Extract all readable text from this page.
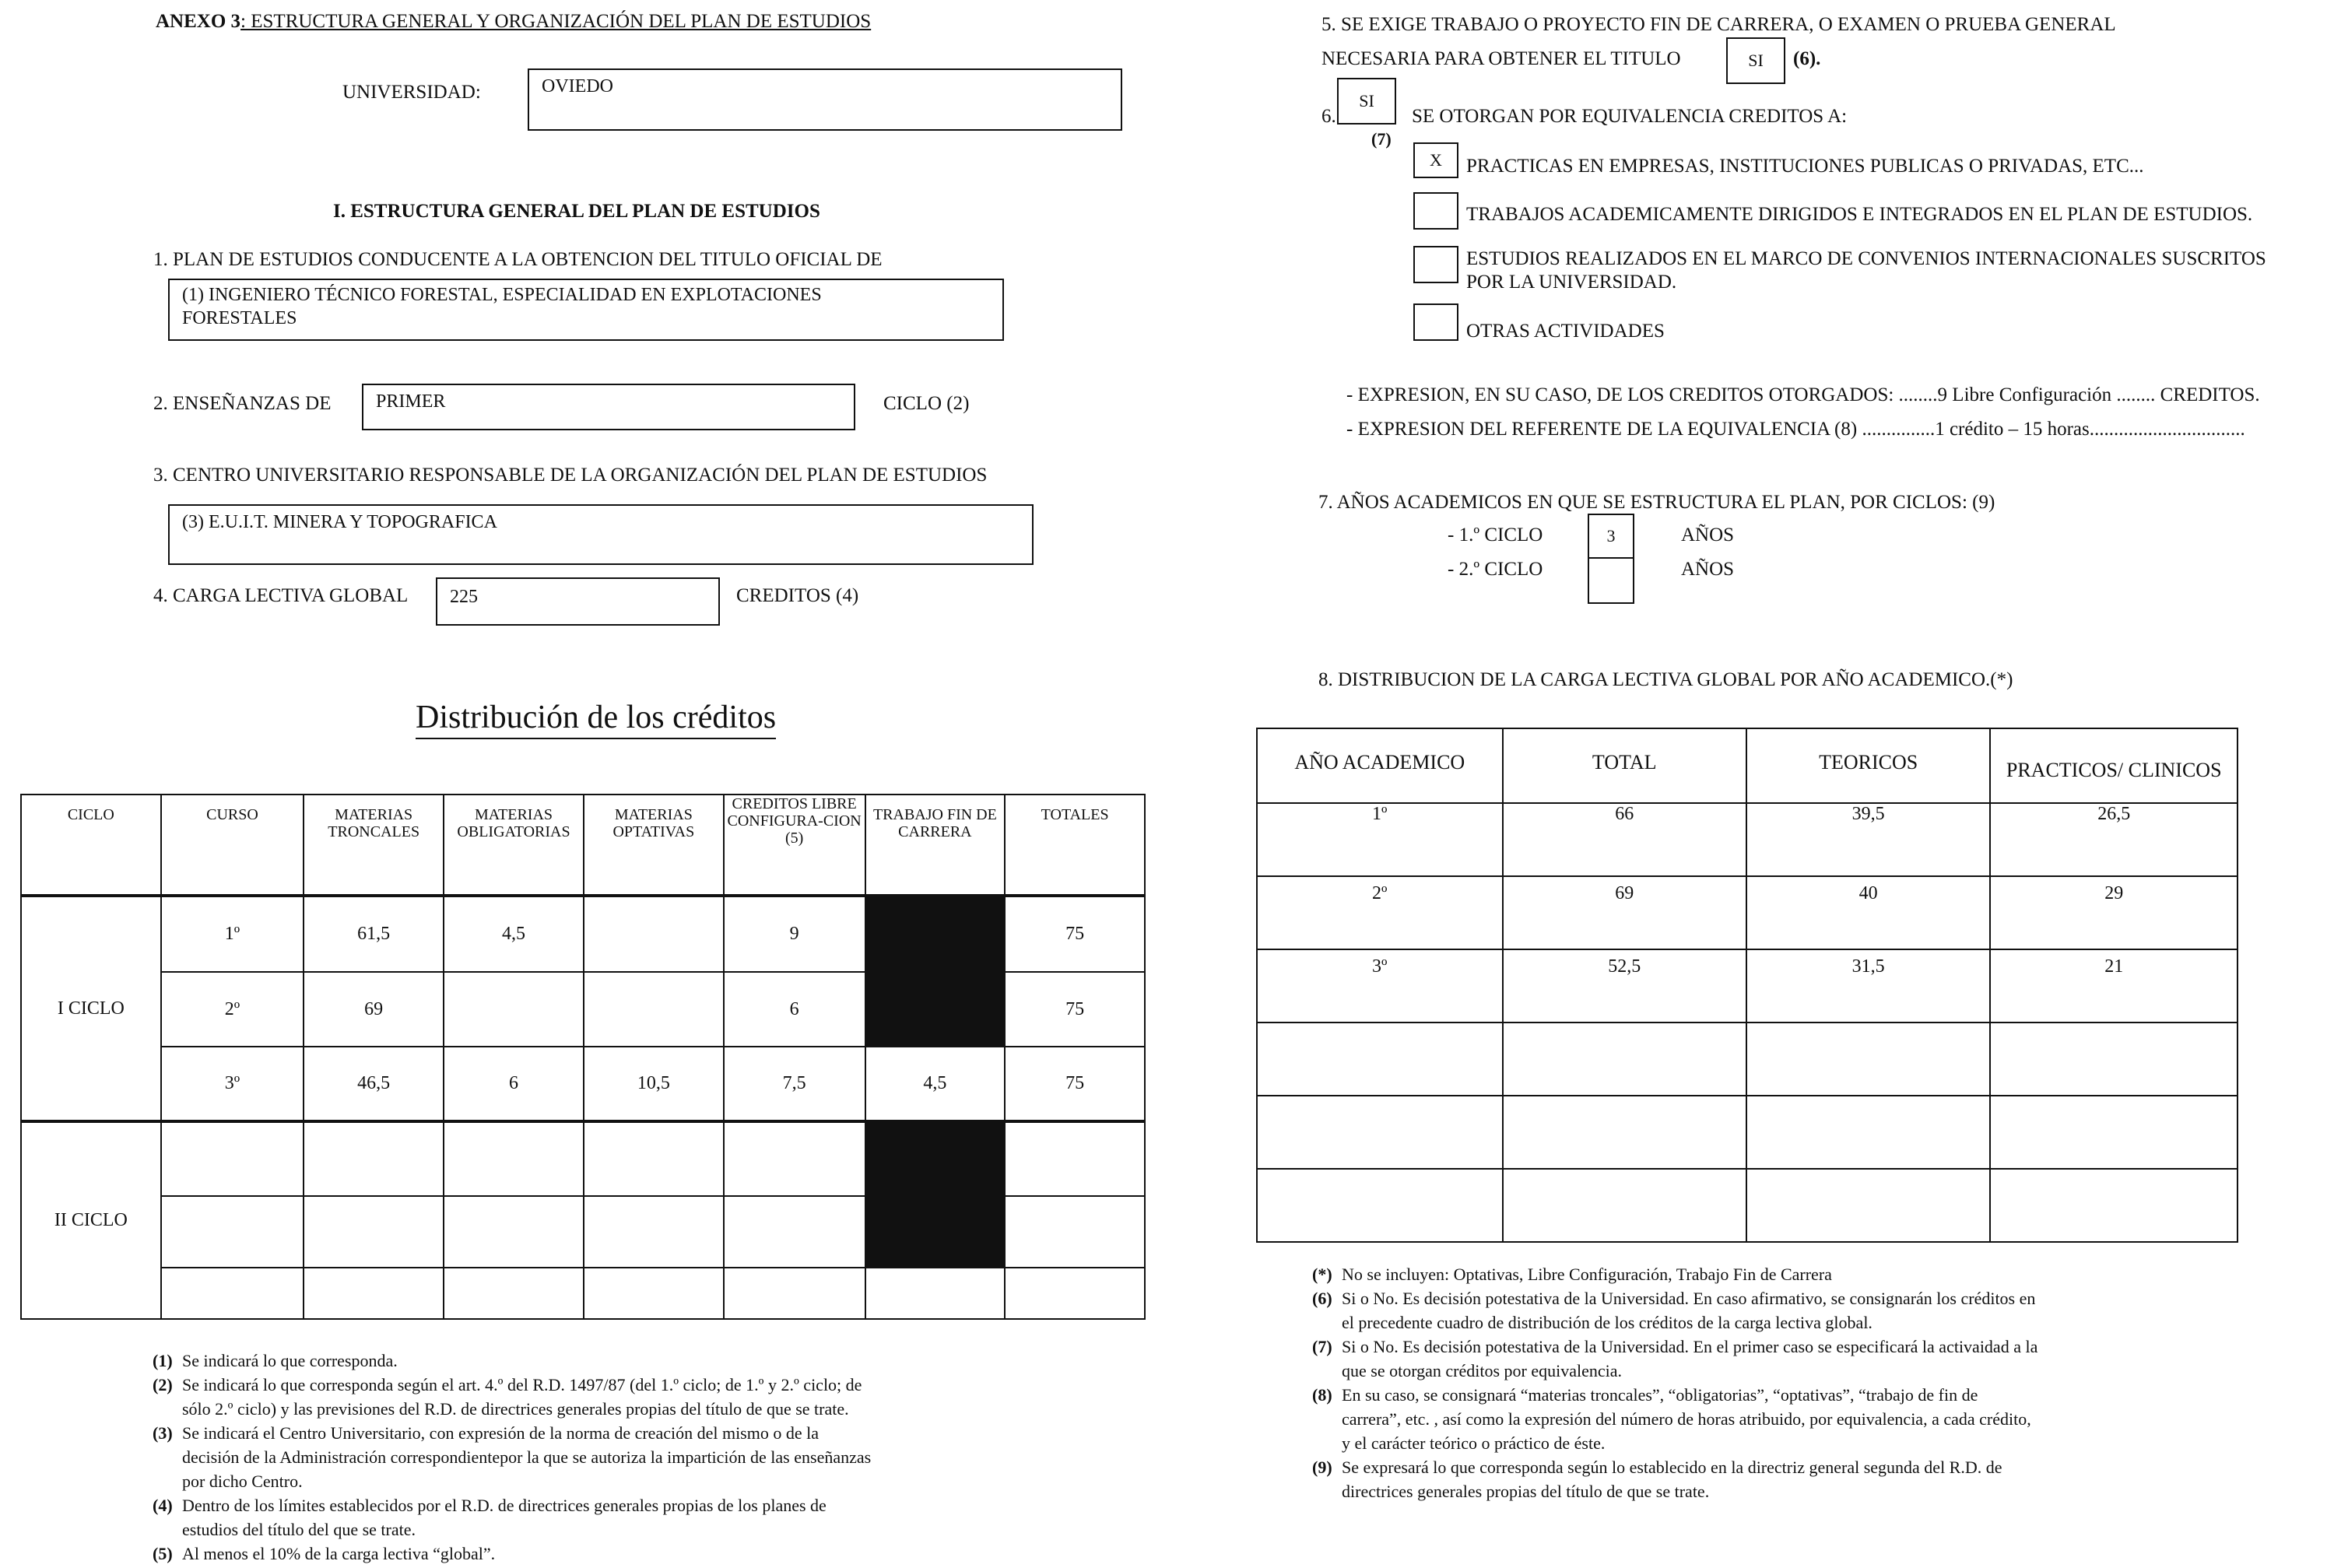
ANEXO 3: ESTRUCTURA GENERAL Y ORGANIZACIÓN DEL PLAN DE ESTUDIOS
UNIVERSIDAD:	OVIEDO
I. ESTRUCTURA GENERAL DEL PLAN DE ESTUDIOS
1. PLAN DE ESTUDIOS CONDUCENTE A LA OBTENCION DEL TITULO OFICIAL DE
(1) INGENIERO TÉCNICO FORESTAL, ESPECIALIDAD EN EXPLOTACIONES
FORESTALES
2. ENSEÑANZAS DE	PRIMER	CICLO (2)
3. CENTRO UNIVERSITARIO RESPONSABLE DE LA ORGANIZACIÓN DEL PLAN DE ESTUDIOS
(3) E.U.I.T. MINERA Y TOPOGRAFICA
4. CARGA LECTIVA GLOBAL	225	CREDITOS (4)
Distribución de los créditos
CICLO	CURSO	MATERIAS TRONCALES	MATERIAS OBLIGATORIAS	MATERIAS OPTATIVAS	CREDITOS LIBRE CONFIGURA-CION (5)	TRABAJO FIN DE CARRERA	TOTALES
I CICLO	1º	61,5	4,5		9		75
	2º	69			6		75
	3º	46,5	6	10,5	7,5	4,5	75
II CICLO							

(1) Se indicará lo que corresponda.
(2) Se indicará lo que corresponda según el art. 4.º del R.D. 1497/87 (del 1.º ciclo; de 1.º y 2.º ciclo; de
sólo 2.º ciclo) y las previsiones del R.D. de directrices generales propias del título de que se trate.
(3) Se indicará el Centro Universitario, con expresión de la norma de creación del mismo o de la
decisión de la Administración correspondientepor la que se autoriza la impartición de las enseñanzas
por dicho Centro.
(4) Dentro de los límites establecidos por el R.D. de directrices generales propias de los planes de
estudios del título del que se trate.
(5) Al menos el 10% de la carga lectiva “global”.
5. SE EXIGE TRABAJO O PROYECTO FIN DE CARRERA, O EXAMEN O PRUEBA GENERAL
NECESARIA PARA OBTENER EL TITULO	SI	(6).
6.
SI
(7)
SE OTORGAN POR EQUIVALENCIA CREDITOS A:
X	PRACTICAS EN EMPRESAS, INSTITUCIONES PUBLICAS O PRIVADAS, ETC...
TRABAJOS ACADEMICAMENTE DIRIGIDOS E INTEGRADOS EN EL PLAN DE ESTUDIOS.
ESTUDIOS REALIZADOS EN EL MARCO DE CONVENIOS INTERNACIONALES SUSCRITOS
POR LA UNIVERSIDAD.
OTRAS ACTIVIDADES
- EXPRESION, EN SU CASO, DE LOS CREDITOS OTORGADOS: ........9 Libre Configuración ........ CREDITOS.
- EXPRESION DEL REFERENTE DE LA EQUIVALENCIA (8) ...............1 crédito – 15 horas................................
7. AÑOS ACADEMICOS EN QUE SE ESTRUCTURA EL PLAN, POR CICLOS: (9)
- 1.º CICLO	3	AÑOS
- 2.º CICLO	AÑOS
8. DISTRIBUCION DE LA CARGA LECTIVA GLOBAL POR AÑO ACADEMICO.(*)
AÑO ACADEMICO	TOTAL	TEORICOS	PRACTICOS/ CLINICOS
1º	66	39,5	26,5
2º	69	40	29
3º	52,5	31,5	21

(*) No se incluyen: Optativas, Libre Configuración, Trabajo Fin de Carrera
(6) Si o No. Es decisión potestativa de la Universidad. En caso afirmativo, se consignarán los créditos en
el precedente cuadro de distribución de los créditos de la carga lectiva global.
(7) Si o No. Es decisión potestativa de la Universidad. En el primer caso se especificará la activaidad a la
que se otorgan créditos por equivalencia.
(8) En su caso, se consignará “materias troncales”, “obligatorias”, “optativas”, “trabajo de fin de
carrera”, etc. , así como la expresión del número de horas atribuido, por equivalencia, a cada crédito,
y el carácter teórico o práctico de éste.
(9) Se expresará lo que corresponda según lo establecido en la directriz general segunda del R.D. de
directrices generales propias del título de que se trate.
